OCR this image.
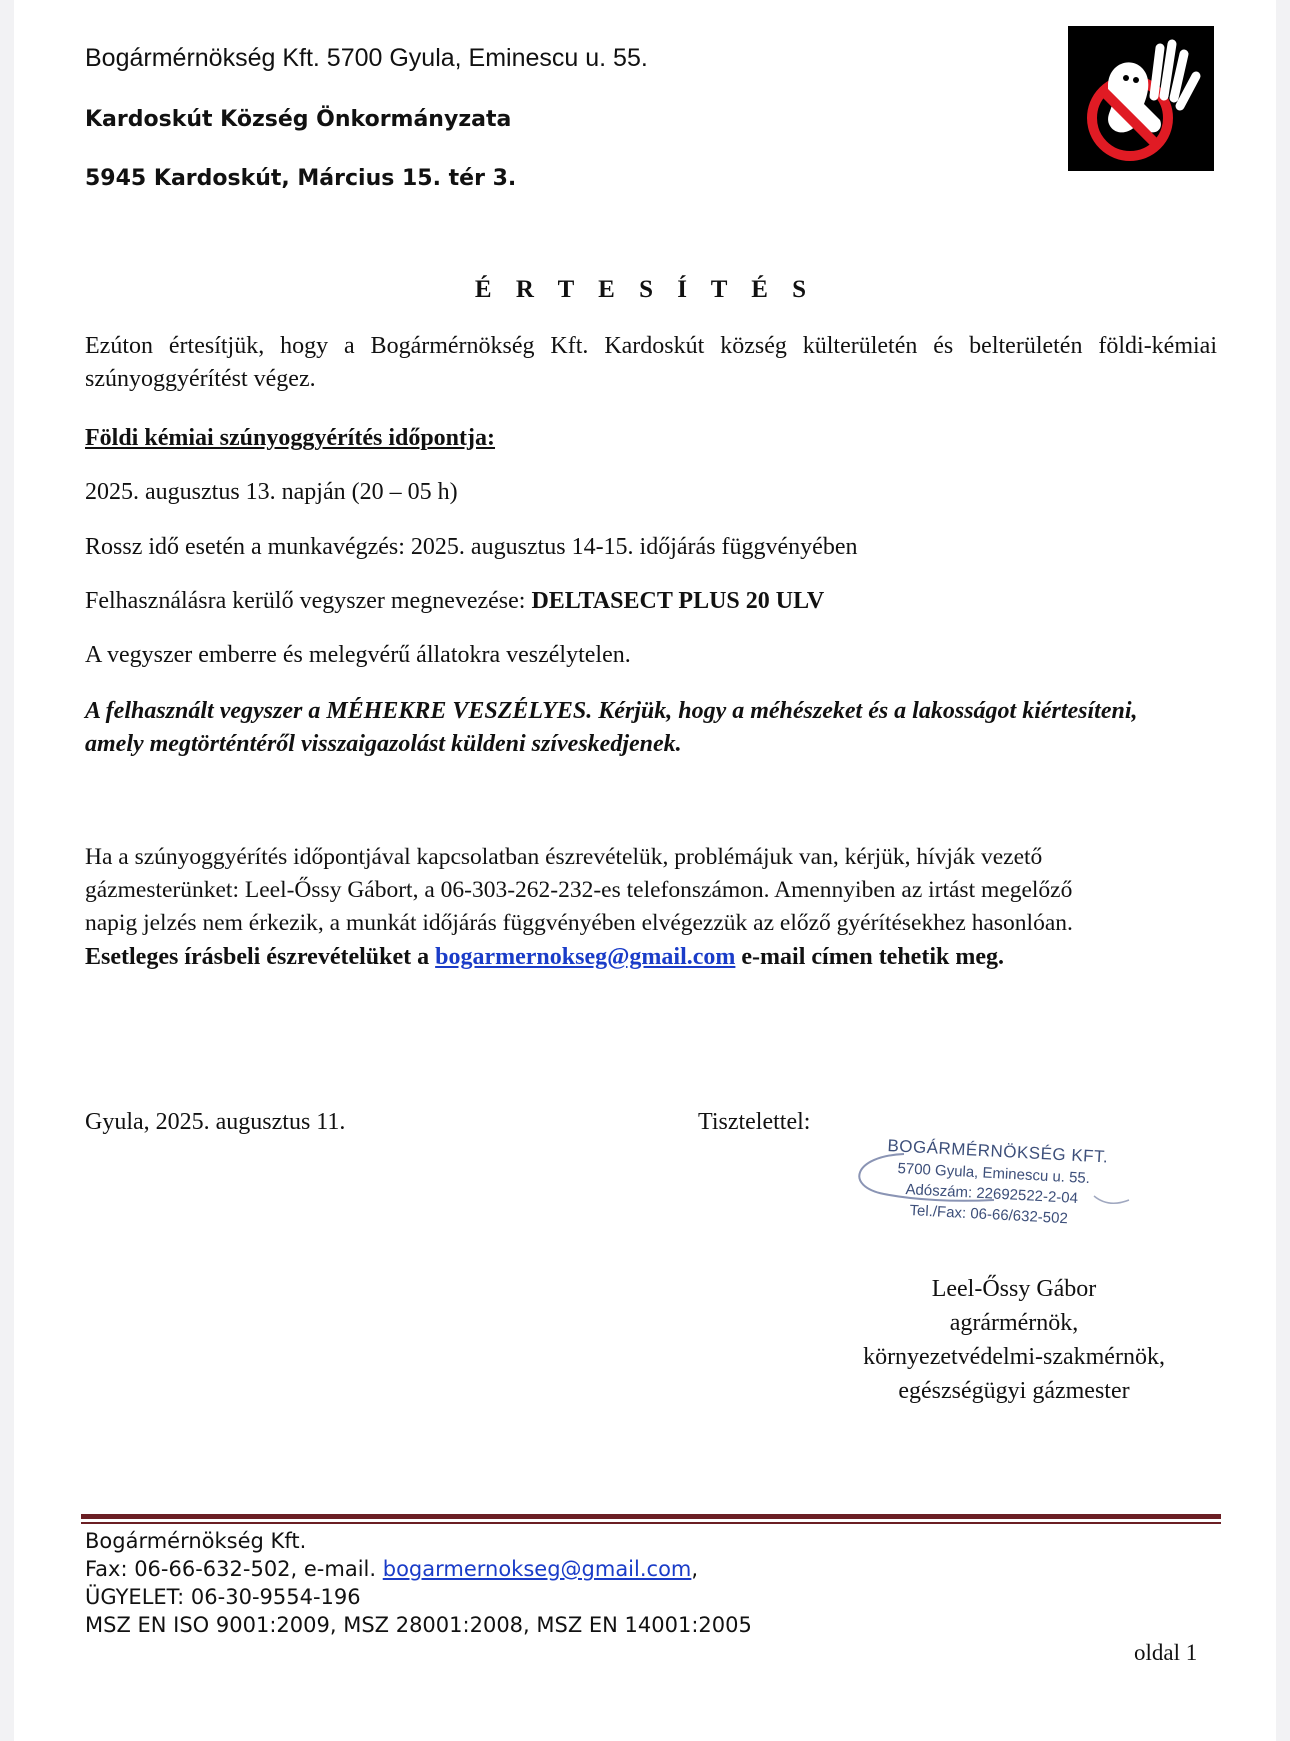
Bogármérnökség Kft. 5700 Gyula, Eminescu u. 55.
Kardoskút Község Önkormányzata
5945 Kardoskút, Március 15. tér 3.
É R T E S Í T É S
Ezúton értesítjük, hogy a Bogármérnökség Kft. Kardoskút község külterületén és belterületén földi-kémiai szúnyoggyérítést végez.
Földi kémiai szúnyoggyérítés időpontja:
2025. augusztus 13. napján (20 – 05 h)
Rossz idő esetén a munkavégzés: 2025. augusztus 14-15. időjárás függvényében
Felhasználásra kerülő vegyszer megnevezése: DELTASECT PLUS 20 ULV
A vegyszer emberre és melegvérű állatokra veszélytelen.
A felhasznált vegyszer a MÉHEKRE VESZÉLYES. Kérjük, hogy a méhészeket és a lakosságot kiértesíteni,
amely megtörténtéről visszaigazolást küldeni szíveskedjenek.
Ha a szúnyoggyérítés időpontjával kapcsolatban észrevételük, problémájuk van, kérjük, hívják vezető
gázmesterünket: Leel-Őssy Gábort, a 06-303-262-232-es telefonszámon. Amennyiben az irtást megelőző
napig jelzés nem érkezik, a munkát időjárás függvényében elvégezzük az előző gyérítésekhez hasonlóan.
Esetleges írásbeli észrevételüket a bogarmernokseg@gmail.com e-mail címen tehetik meg.
Gyula, 2025. augusztus 11.	Tisztelettel:
BOGÁRMÉRNÖKSÉG KFT.
5700 Gyula, Eminescu u. 55.
Adószám: 22692522-2-04
Tel./Fax: 06-66/632-502
Leel-Őssy Gábor
agrármérnök,
környezetvédelmi-szakmérnök,
egészségügyi gázmester
Bogármérnökség Kft.
Fax: 06-66-632-502, e-mail. bogarmernokseg@gmail.com,
ÜGYELET: 06-30-9554-196
MSZ EN ISO 9001:2009, MSZ 28001:2008, MSZ EN 14001:2005
oldal 1
